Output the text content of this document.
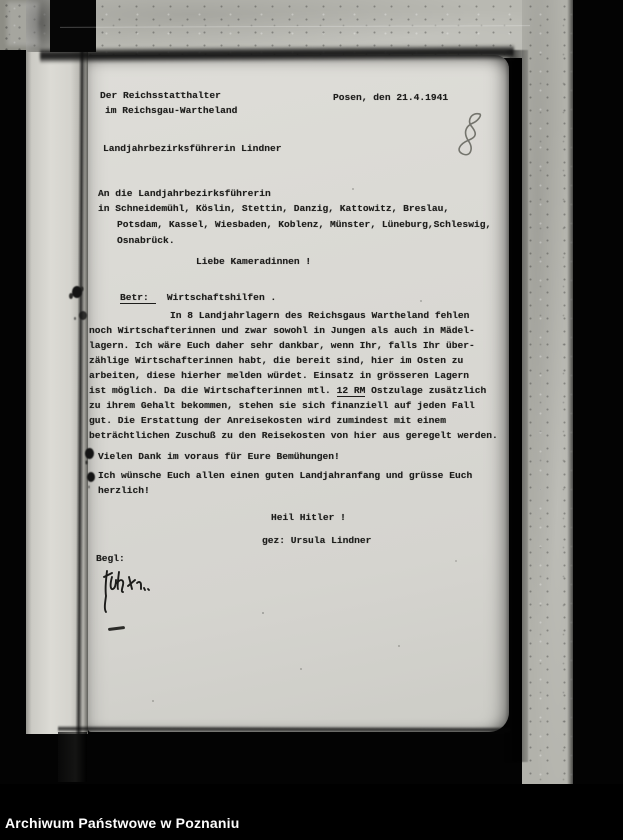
Der Reichsstatthalter
im Reichsgau-Wartheland
Posen, den 21.4.1941
Landjahrbezirksführerin Lindner
An die Landjahrbezirksführerin
in Schneidemühl, Köslin, Stettin, Danzig, Kattowitz, Breslau,
Potsdam, Kassel, Wiesbaden, Koblenz, Münster, Lüneburg,Schleswig,
Osnabrück.
Liebe Kameradinnen !

Betr: Wirtschaftshilfen .

In 8 Landjahrlagern des Reichsgaus Wartheland fehlen
noch Wirtschafterinnen und zwar sowohl in Jungen als auch in Mädel-
lagern. Ich wäre Euch daher sehr dankbar, wenn Ihr, falls Ihr über-
zählige Wirtschafterinnen habt, die bereit sind, hier im Osten zu
arbeiten, diese hierher melden würdet. Einsatz in grösseren Lagern
ist möglich. Da die Wirtschafterinnen mtl. 12 RM Ostzulage zusätzlich
zu ihrem Gehalt bekommen, stehen sie sich finanziell auf jeden Fall
gut. Die Erstattung der Anreisekosten wird zumindest mit einem
beträchtlichen Zuschuß zu den Reisekosten von hier aus geregelt werden.
Vielen Dank im voraus für Eure Bemühungen!
Ich wünsche Euch allen einen guten Landjahranfang und grüsse Euch
herzlich!
Heil Hitler !
gez: Ursula Lindner
Begl:
Archiwum Państwowe w Poznaniu
